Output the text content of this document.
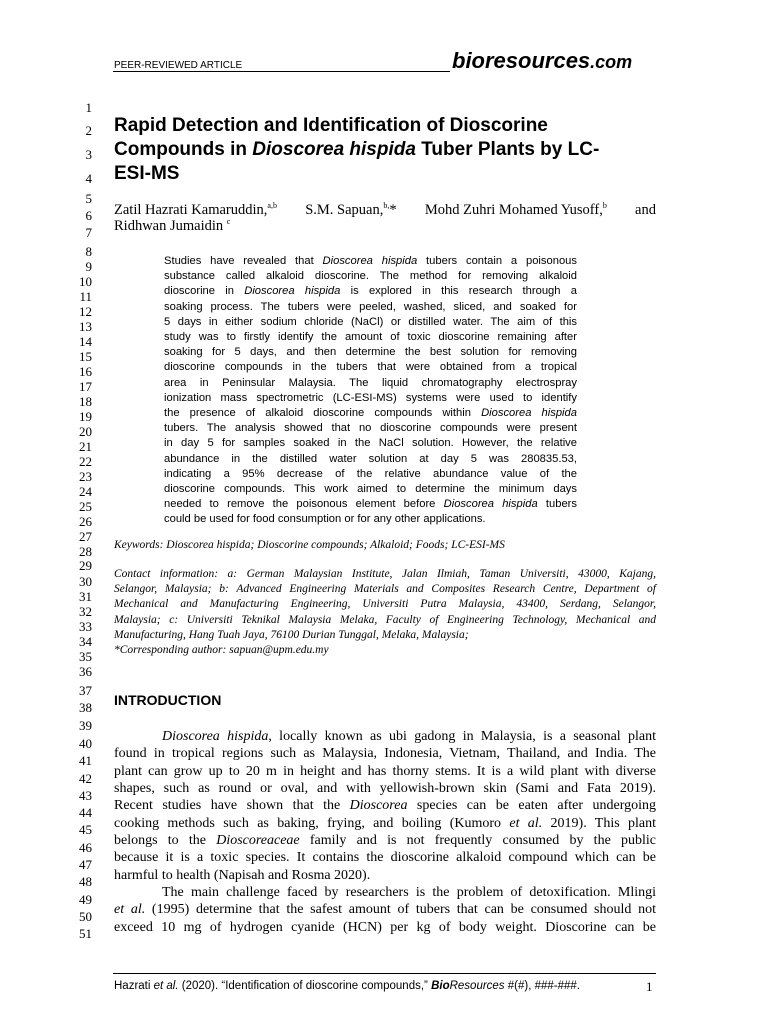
PEER-REVIEWED ARTICLE	bioresources.com
1
2
3
4
5
6
7
8
9
10
11
12
13
14
15
16
17
18
19
20
21
22
23
24
25
26
27
28
29
30
31
32
33
34
35
36
37
38
39
40
41
42
43
44
45
46
47
48
49
50
51
Rapid Detection and Identification of Dioscorine
Compounds in Dioscorea hispida Tuber Plants by LC-
ESI-MS
Zatil Hazrati Kamaruddin,$^{a,b}$ S.M. Sapuan,$^{b,}$* Mohd Zuhri Mohamed Yusoff,$^b$ and
Ridhwan Jumaidin $^c$
Studies have revealed that Dioscorea hispida tubers contain a poisonous
substance called alkaloid dioscorine. The method for removing alkaloid
dioscorine in Dioscorea hispida is explored in this research through a
soaking process. The tubers were peeled, washed, sliced, and soaked for
5 days in either sodium chloride (NaCl) or distilled water. The aim of this
study was to firstly identify the amount of toxic dioscorine remaining after
soaking for 5 days, and then determine the best solution for removing
dioscorine compounds in the tubers that were obtained from a tropical
area in Peninsular Malaysia. The liquid chromatography electrospray
ionization mass spectrometric (LC-ESI-MS) systems were used to identify
the presence of alkaloid dioscorine compounds within Dioscorea hispida
tubers. The analysis showed that no dioscorine compounds were present
in day 5 for samples soaked in the NaCl solution. However, the relative
abundance in the distilled water solution at day 5 was 280835.53,
indicating a 95% decrease of the relative abundance value of the
dioscorine compounds. This work aimed to determine the minimum days
needed to remove the poisonous element before Dioscorea hispida tubers
could be used for food consumption or for any other applications.
Keywords: Dioscorea hispida; Dioscorine compounds; Alkaloid; Foods; LC-ESI-MS
Contact information: a: German Malaysian Institute, Jalan Ilmiah, Taman Universiti, 43000, Kajang,
Selangor, Malaysia; b: Advanced Engineering Materials and Composites Research Centre, Department of
Mechanical and Manufacturing Engineering, Universiti Putra Malaysia, 43400, Serdang, Selangor,
Malaysia; c: Universiti Teknikal Malaysia Melaka, Faculty of Engineering Technology, Mechanical and
Manufacturing, Hang Tuah Jaya, 76100 Durian Tunggal, Melaka, Malaysia;
*Corresponding author: sapuan@upm.edu.my
INTRODUCTION
Dioscorea hispida, locally known as ubi gadong in Malaysia, is a seasonal plant
found in tropical regions such as Malaysia, Indonesia, Vietnam, Thailand, and India. The
plant can grow up to 20 m in height and has thorny stems. It is a wild plant with diverse
shapes, such as round or oval, and with yellowish-brown skin (Sami and Fata 2019).
Recent studies have shown that the Dioscorea species can be eaten after undergoing
cooking methods such as baking, frying, and boiling (Kumoro et al. 2019). This plant
belongs to the Dioscoreaceae family and is not frequently consumed by the public
because it is a toxic species. It contains the dioscorine alkaloid compound which can be
harmful to health (Napisah and Rosma 2020).
The main challenge faced by researchers is the problem of detoxification. Mlingi
et al. (1995) determine that the safest amount of tubers that can be consumed should not
exceed 10 mg of hydrogen cyanide (HCN) per kg of body weight. Dioscorine can be
Hazrati et al. (2020). “Identification of dioscorine compounds,” BioResources #(#), ###-###.	1
